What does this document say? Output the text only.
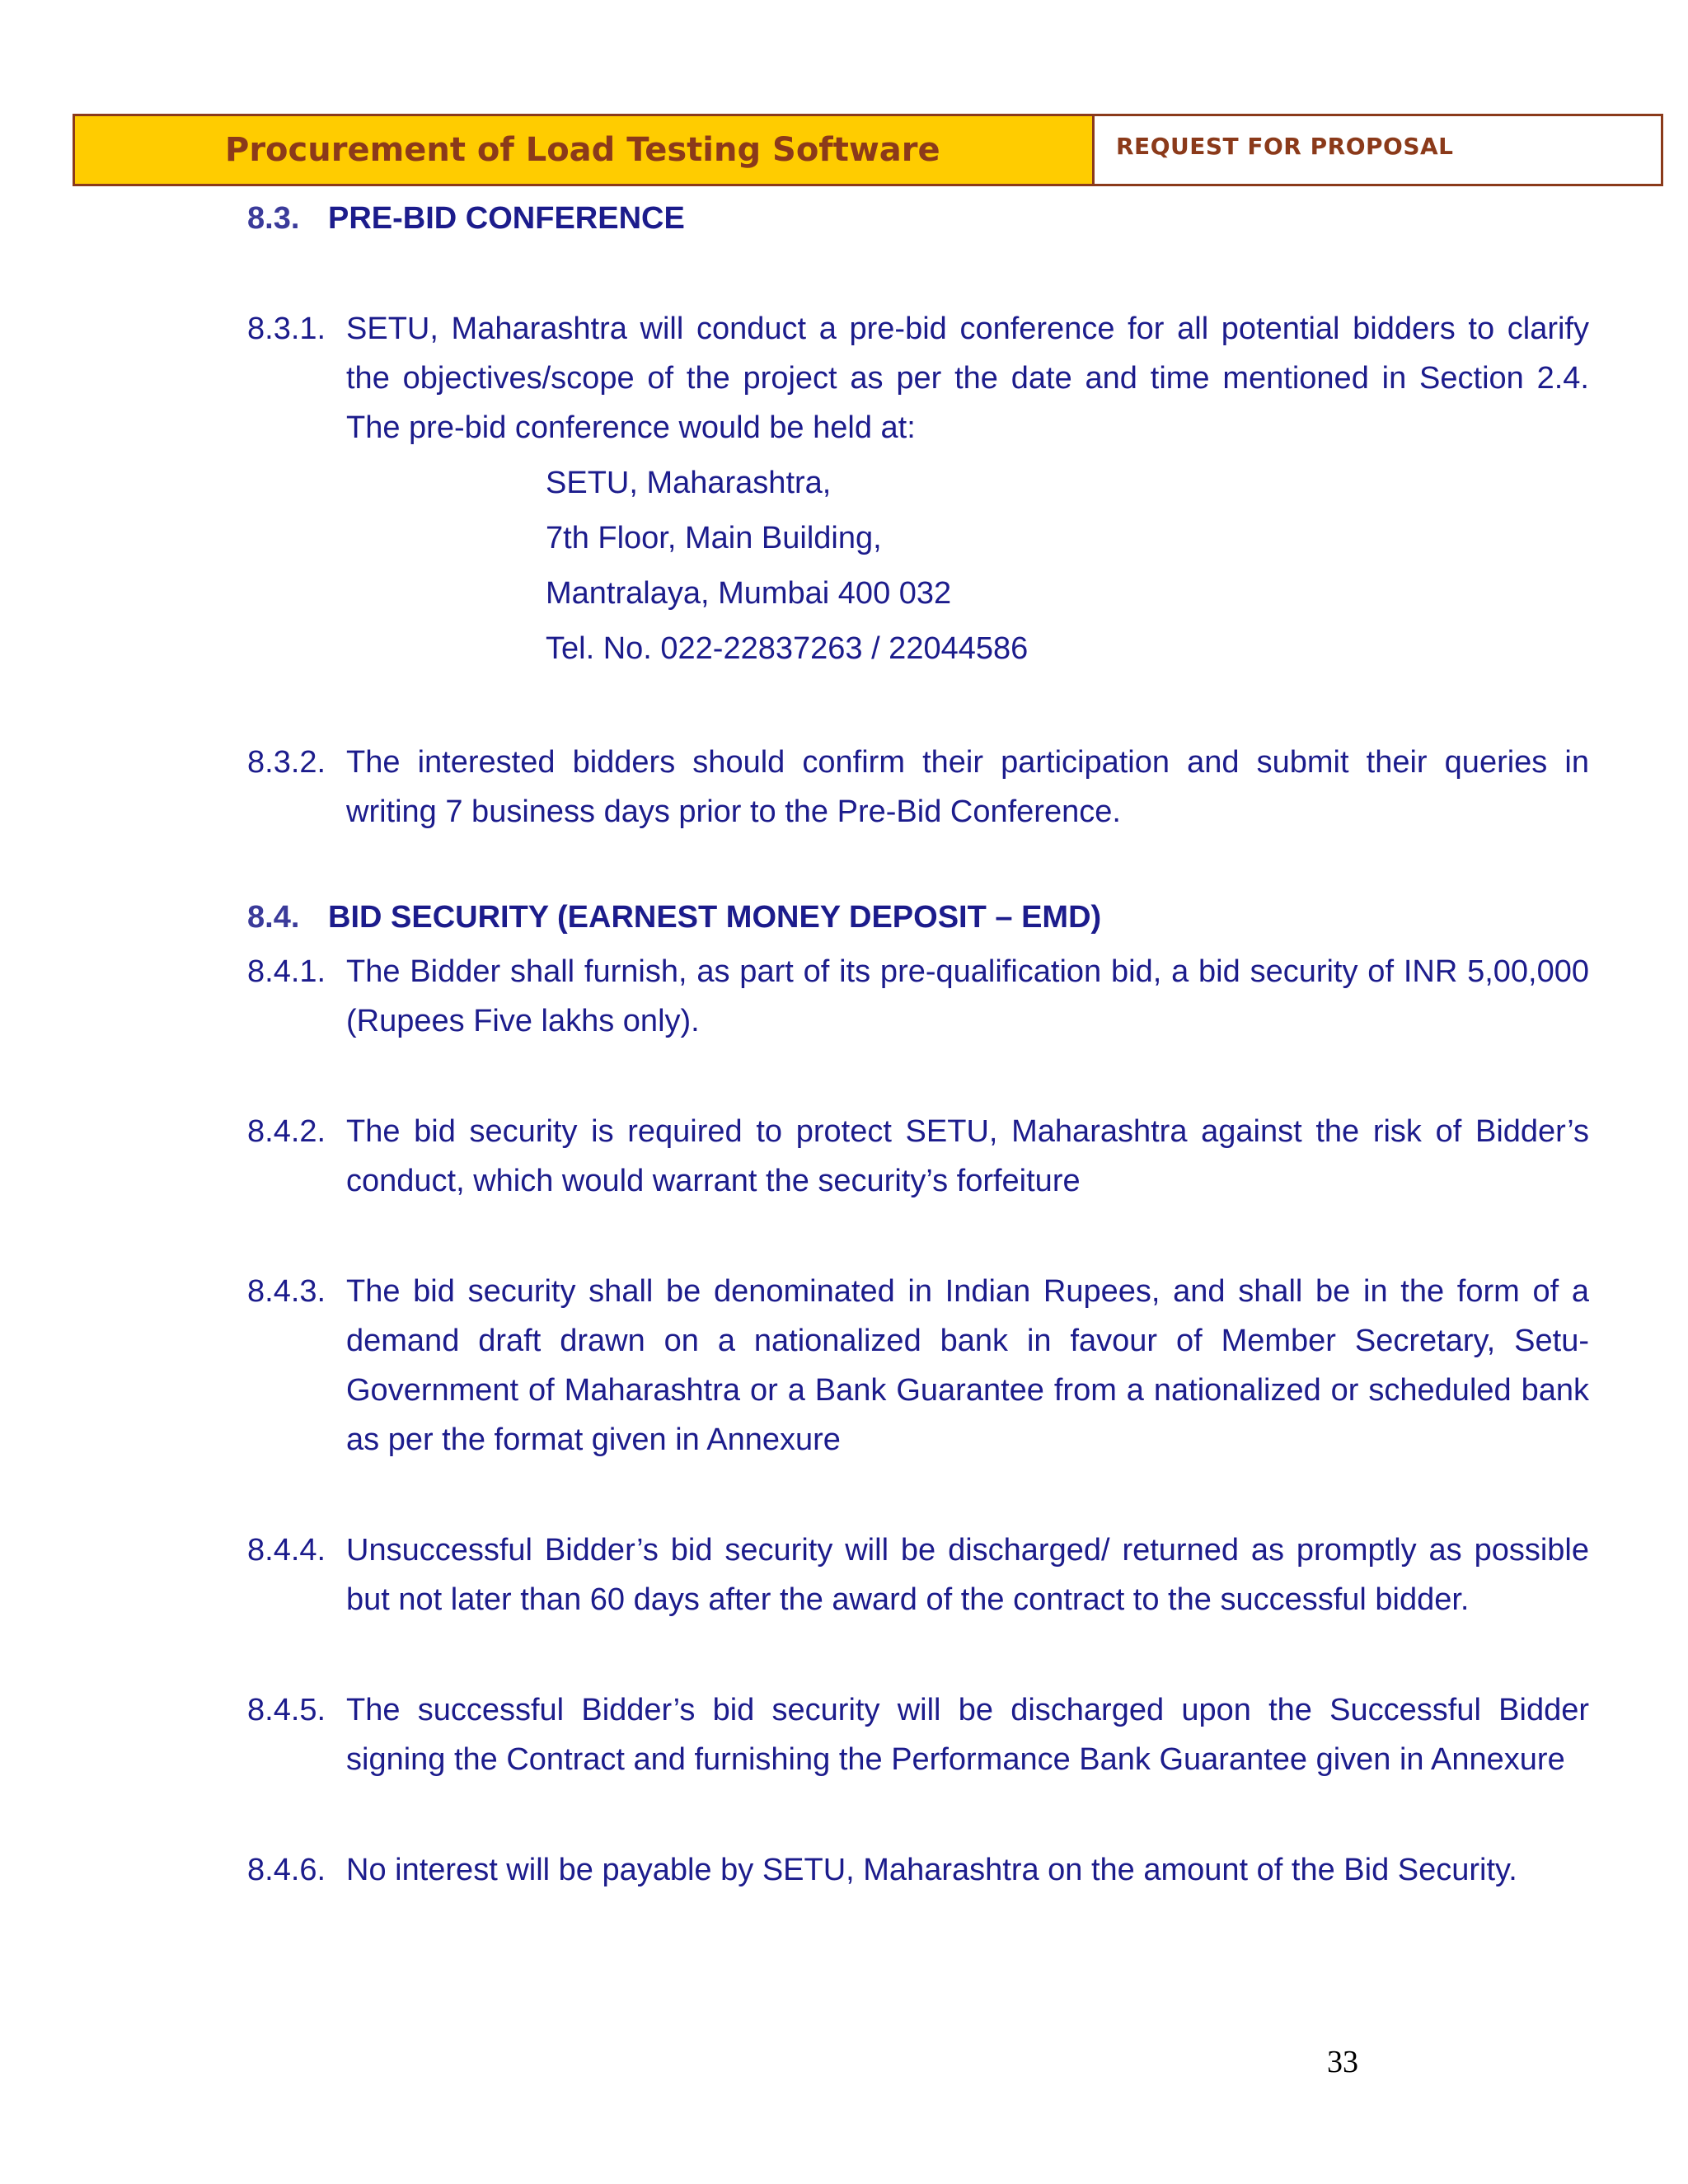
Procurement of Load Testing Software	REQUEST FOR PROPOSAL
8.3. PRE-BID CONFERENCE
8.3.1. SETU, Maharashtra will conduct a pre-bid conference for all potential bidders to clarify the objectives/scope of the project as per the date and time mentioned in Section 2.4. The pre-bid conference would be held at:
SETU, Maharashtra,
7th Floor, Main Building,
Mantralaya, Mumbai 400 032
Tel. No. 022-22837263 / 22044586
8.3.2. The interested bidders should confirm their participation and submit their queries in writing 7 business days prior to the Pre-Bid Conference.
8.4. BID SECURITY (EARNEST MONEY DEPOSIT – EMD)
8.4.1. The Bidder shall furnish, as part of its pre-qualification bid, a bid security of INR 5,00,000 (Rupees Five lakhs only).
8.4.2. The bid security is required to protect SETU, Maharashtra against the risk of Bidder’s conduct, which would warrant the security’s forfeiture
8.4.3. The bid security shall be denominated in Indian Rupees, and shall be in the form of a demand draft drawn on a nationalized bank in favour of Member Secretary, Setu-Government of Maharashtra or a Bank Guarantee from a nationalized or scheduled bank as per the format given in Annexure
8.4.4. Unsuccessful Bidder’s bid security will be discharged/ returned as promptly as possible but not later than 60 days after the award of the contract to the successful bidder.
8.4.5. The successful Bidder’s bid security will be discharged upon the Successful Bidder signing the Contract and furnishing the Performance Bank Guarantee given in Annexure
8.4.6. No interest will be payable by SETU, Maharashtra on the amount of the Bid Security.
33
